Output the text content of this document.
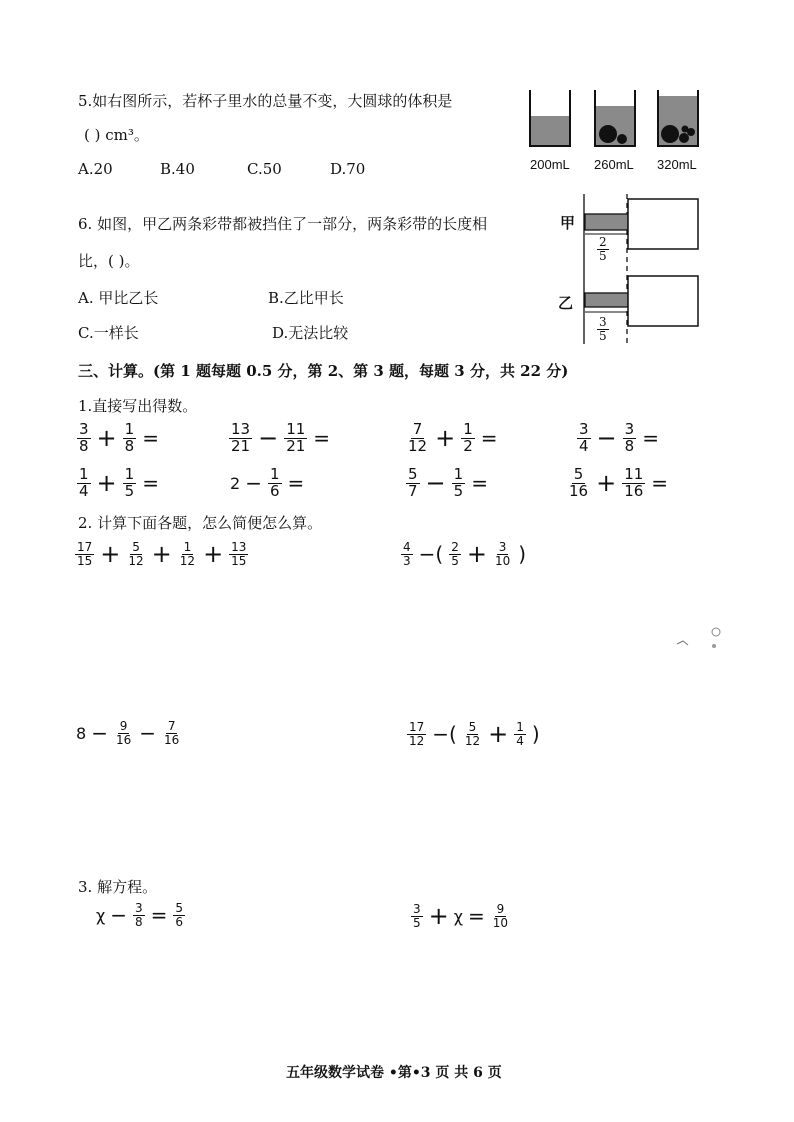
5.如右图所示，若杯子里水的总量不变，大圆球的体积是
( ) cm³。
A.20	B.40	C.50	D.70	200mL 260mL 320mL
6. 如图，甲乙两条彩带都被挡住了一部分，两条彩带的长度相
比，( )。
A. 甲比乙长	B.乙比甲长
C.一样长	D.无法比较
甲
乙
$\frac{2}{5}$
$\frac{3}{5}$
三、计算。(第 1 题每题 0.5 分，第 2、第 3 题，每题 3 分，共 22 分)
1.直接写出得数。
$\frac{3}{8} + \frac{1}{8}$ =	$\frac{13}{21} - \frac{11}{21}$ =	$\frac{7}{12} + \frac{1}{2}$ =	$\frac{3}{4} - \frac{3}{8}$ =
$\frac{1}{4} + \frac{1}{5}$ =	$2 - \frac{1}{6}$ =	$\frac{5}{7} - \frac{1}{5}$ =	$\frac{5}{16} + \frac{11}{16}$ =
2. 计算下面各题，怎么简便怎么算。
$\frac{17}{15} + \frac{5}{12} + \frac{1}{12} + \frac{13}{15}$	$\frac{4}{3}$ −( $\frac{2}{5} + \frac{3}{10}$ )
$8 - \frac{9}{16} - \frac{7}{16}$	$\frac{17}{12}$ −( $\frac{5}{12} + \frac{1}{4}$ )
3. 解方程。
$\chi - \frac{3}{8} = \frac{5}{6}$	$\frac{3}{5} + \chi = \frac{9}{10}$
五年级数学试卷 •第•3 页 共 6 页
